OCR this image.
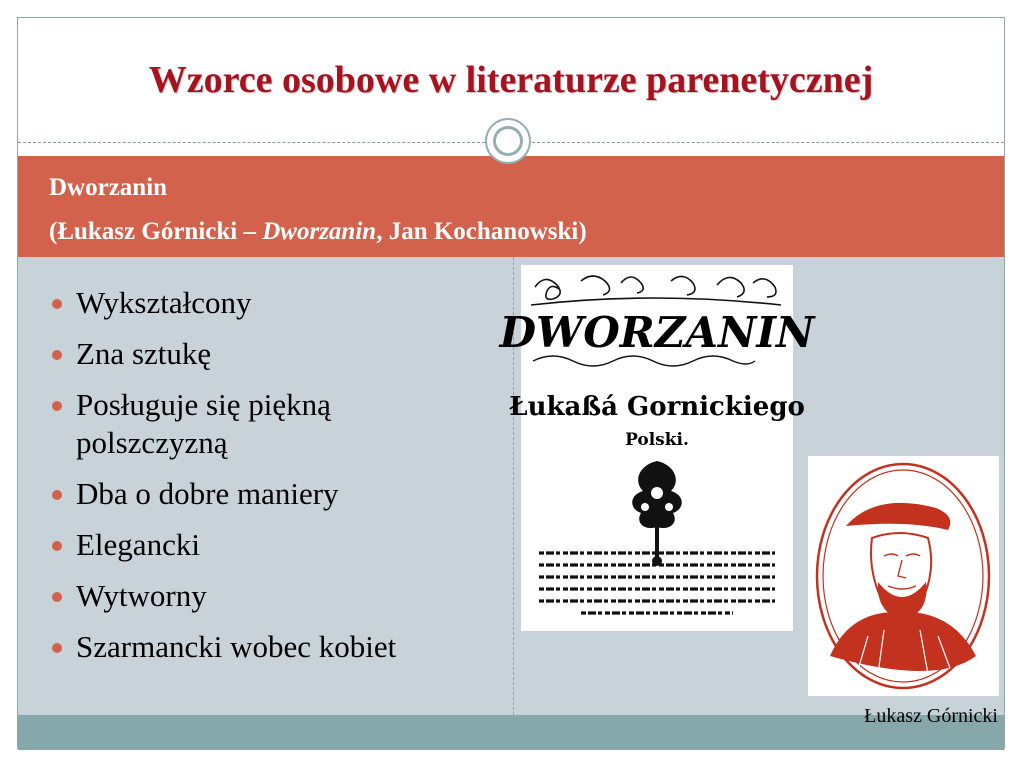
Wzorce osobowe w literaturze parenetycznej
Dworzanin
(Łukasz Górnicki – Dworzanin, Jan Kochanowski)
Wykształcony
Zna sztukę
Posługuje się piękną polszczyzną
Dba o dobre maniery
Elegancki
Wytworny
Szarmancki wobec kobiet
DWORZANIN
Łukaßá Gornickiego
Polski.
Łukasz Górnicki
